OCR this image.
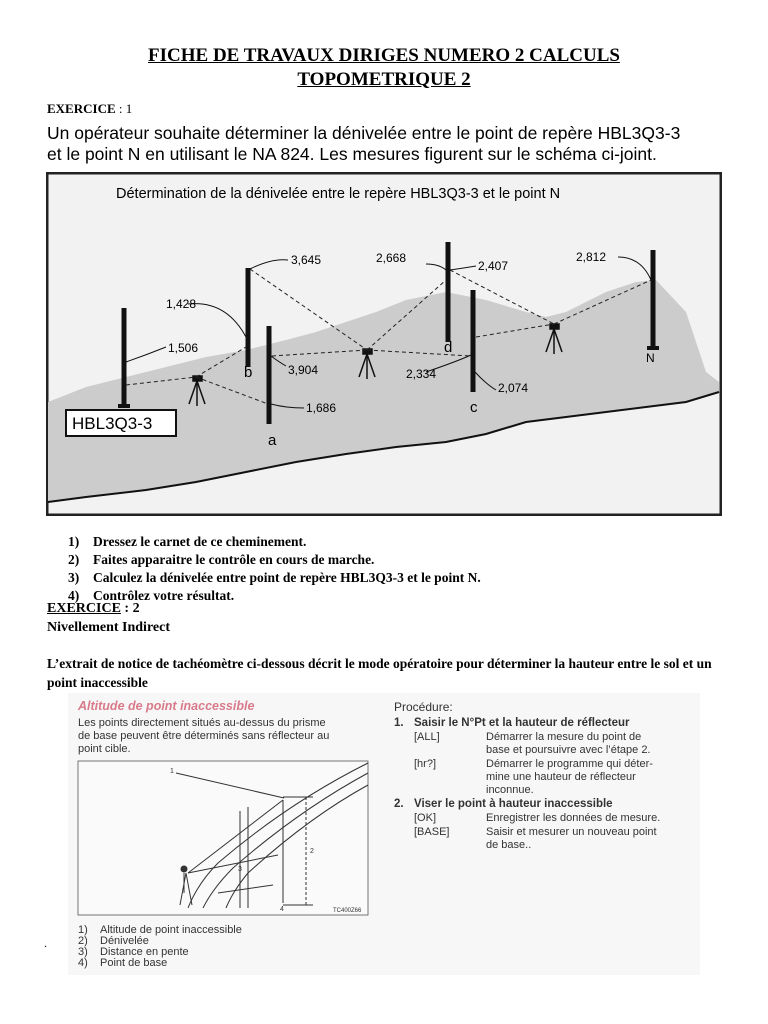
FICHE DE TRAVAUX DIRIGES NUMERO 2 CALCULS
TOPOMETRIQUE 2
EXERCICE : 1
Un opérateur souhaite déterminer la dénivelée entre le point de repère HBL3Q3-3
et le point N en utilisant le NA 824. Les mesures figurent sur le schéma ci-joint.
Détermination de la dénivelée entre le repère HBL3Q3-3 et le point N
1,506
1,428
3,645
3,904
1,686
2,668
2,407
2,334
2,074
2,812
a
b
c
d
N
HBL3Q3-3
1)	Dressez le carnet de ce cheminement.
2)	Faites apparaitre le contrôle en cours de marche.
3)	Calculez la dénivelée entre point de repère HBL3Q3-3 et le point N.
4)	Contrôlez votre résultat.
EXERCICE : 2
Nivellement Indirect
L’extrait de notice de tachéomètre ci-dessous décrit le mode opératoire pour déterminer la hauteur entre le sol et un point inaccessible
Altitude de point inaccessible
Les points directement situés au-dessus du prisme
de base peuvent être déterminés sans réflecteur au
point cible.
1
2
3
4	TC400Z66
1) Altitude de point inaccessible
2) Dénivelée
3) Distance en pente
4) Point de base
Procédure:
1. Saisir le N°Pt et la hauteur de réflecteur
[ALL]	Démarrer la mesure du point de
base et poursuivre avec l’étape 2.
[hr?]	Démarrer le programme qui déter-
mine une hauteur de réflecteur
inconnue.
2. Viser le point à hauteur inaccessible
[OK]	Enregistrer les données de mesure.
[BASE]	Saisir et mesurer un nouveau point
de base..
.
